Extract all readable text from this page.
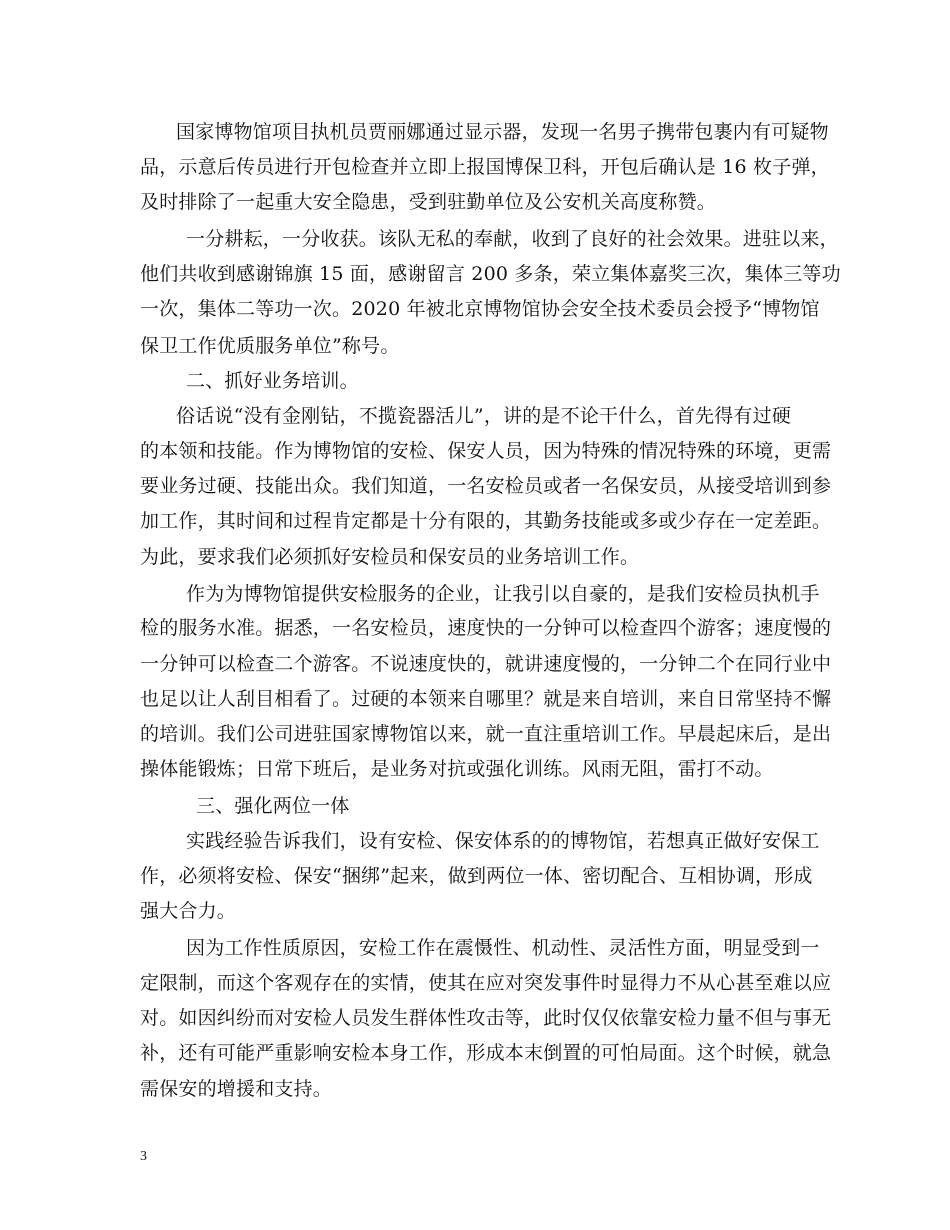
国家博物馆项目执机员贾丽娜通过显示器，发现一名男子携带包裹内有可疑物
品，示意后传员进行开包检查并立即上报国博保卫科，开包后确认是 16 枚子弹，
及时排除了一起重大安全隐患，受到驻勤单位及公安机关高度称赞。
一分耕耘，一分收获。该队无私的奉献，收到了良好的社会效果。进驻以来，
他们共收到感谢锦旗 15 面，感谢留言 200 多条，荣立集体嘉奖三次，集体三等功
一次，集体二等功一次。2020 年被北京博物馆协会安全技术委员会授予“博物馆
保卫工作优质服务单位”称号。
二、抓好业务培训。
俗话说“没有金刚钻，不揽瓷器活儿”，讲的是不论干什么，首先得有过硬
的本领和技能。作为博物馆的安检、保安人员，因为特殊的情况特殊的环境，更需
要业务过硬、技能出众。我们知道，一名安检员或者一名保安员，从接受培训到参
加工作，其时间和过程肯定都是十分有限的，其勤务技能或多或少存在一定差距。
为此，要求我们必须抓好安检员和保安员的业务培训工作。
作为为博物馆提供安检服务的企业，让我引以自豪的，是我们安检员执机手
检的服务水准。据悉，一名安检员，速度快的一分钟可以检查四个游客；速度慢的
一分钟可以检查二个游客。不说速度快的，就讲速度慢的，一分钟二个在同行业中
也足以让人刮目相看了。过硬的本领来自哪里？就是来自培训，来自日常坚持不懈
的培训。我们公司进驻国家博物馆以来，就一直注重培训工作。早晨起床后，是出
操体能锻炼；日常下班后，是业务对抗或强化训练。风雨无阻，雷打不动。
三、强化两位一体
实践经验告诉我们，设有安检、保安体系的的博物馆，若想真正做好安保工
作，必须将安检、保安“捆绑”起来，做到两位一体、密切配合、互相协调，形成
强大合力。
因为工作性质原因，安检工作在震慑性、机动性、灵活性方面，明显受到一
定限制，而这个客观存在的实情，使其在应对突发事件时显得力不从心甚至难以应
对。如因纠纷而对安检人员发生群体性攻击等，此时仅仅依靠安检力量不但与事无
补，还有可能严重影响安检本身工作，形成本末倒置的可怕局面。这个时候，就急
需保安的增援和支持。
3
